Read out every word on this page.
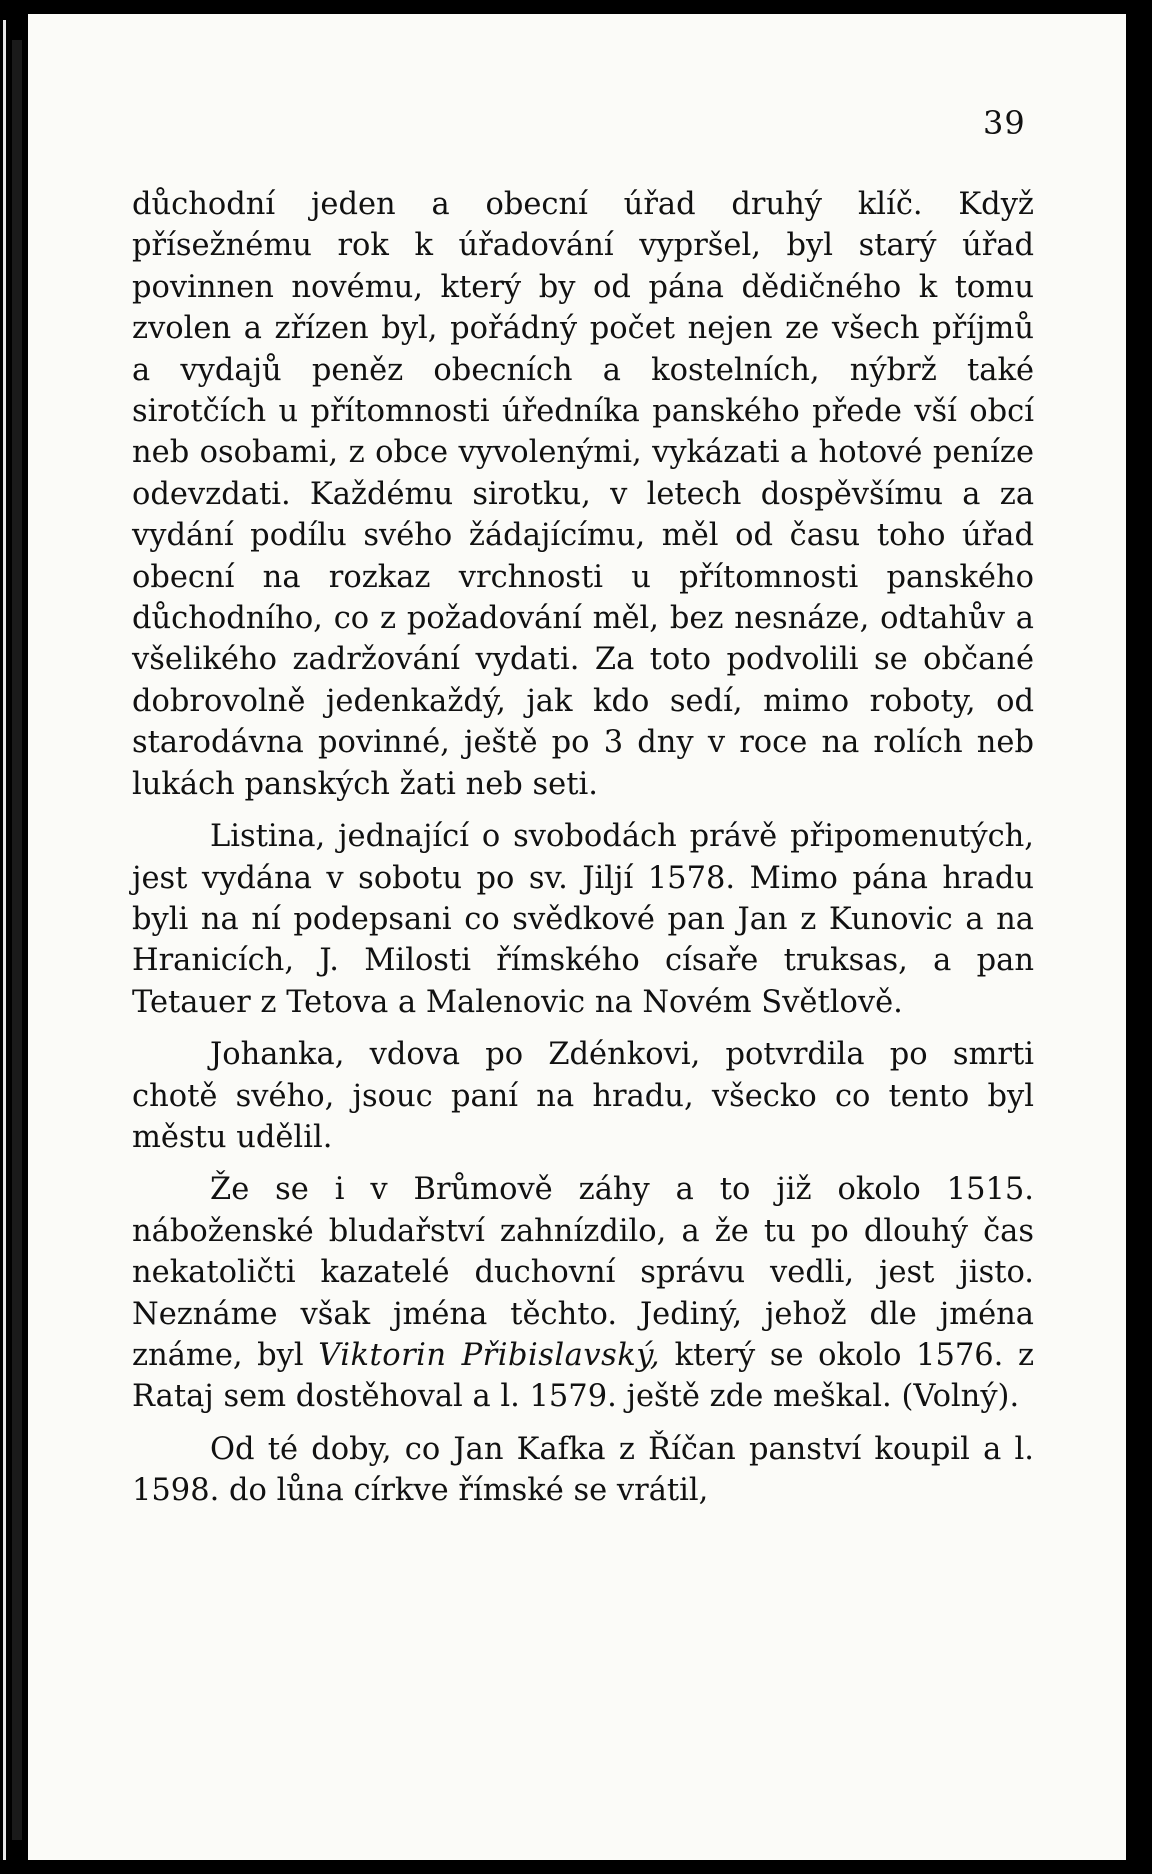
39

důchodní jeden a obecní úřad druhý klíč. Když přísežnému rok k úřadování vypršel, byl starý úřad povinnen novému, který by od pána dědičného k tomu zvolen a zřízen byl, pořádný počet nejen ze všech příjmů a vydajů peněz obecních a kostelních, nýbrž také sirotčích u přítomnosti úředníka panského přede vší obcí neb osobami, z obce vyvolenými, vykázati a hotové peníze odevzdati. Každému sirotku, v letech dospěvšímu a za vydání podílu svého žádajícímu, měl od času toho úřad obecní na rozkaz vrchnosti u přítomnosti panského důchodního, co z požadování měl, bez nesnáze, odtahův a všelikého zadržování vydati. Za toto podvolili se občané dobrovolně jedenkaždý, jak kdo sedí, mimo roboty, od starodávna povinné, ještě po 3 dny v roce na rolích neb lukách panských žati neb seti.

Listina, jednající o svobodách právě připomenutých, jest vydána v sobotu po sv. Jiljí 1578. Mimo pána hradu byli na ní podepsani co svědkové pan Jan z Kunovic a na Hranicích, J. Milosti římského císaře truksas, a pan Tetauer z Tetova a Malenovic na Novém Světlově.

Johanka, vdova po Zdénkovi, potvrdila po smrti chotě svého, jsouc paní na hradu, všecko co tento byl městu udělil.

Že se i v Brůmově záhy a to již okolo 1515. náboženské bludařství zahnízdilo, a že tu po dlouhý čas nekatoličti kazatelé duchovní správu vedli, jest jisto. Neznáme však jména těchto. Jediný, jehož dle jména známe, byl Viktorin Přibislavský, který se okolo 1576. z Rataj sem dostěhoval a l. 1579. ještě zde meškal. (Volný).

Od té doby, co Jan Kafka z Říčan panství koupil a l. 1598. do lůna církve římské se vrátil,
